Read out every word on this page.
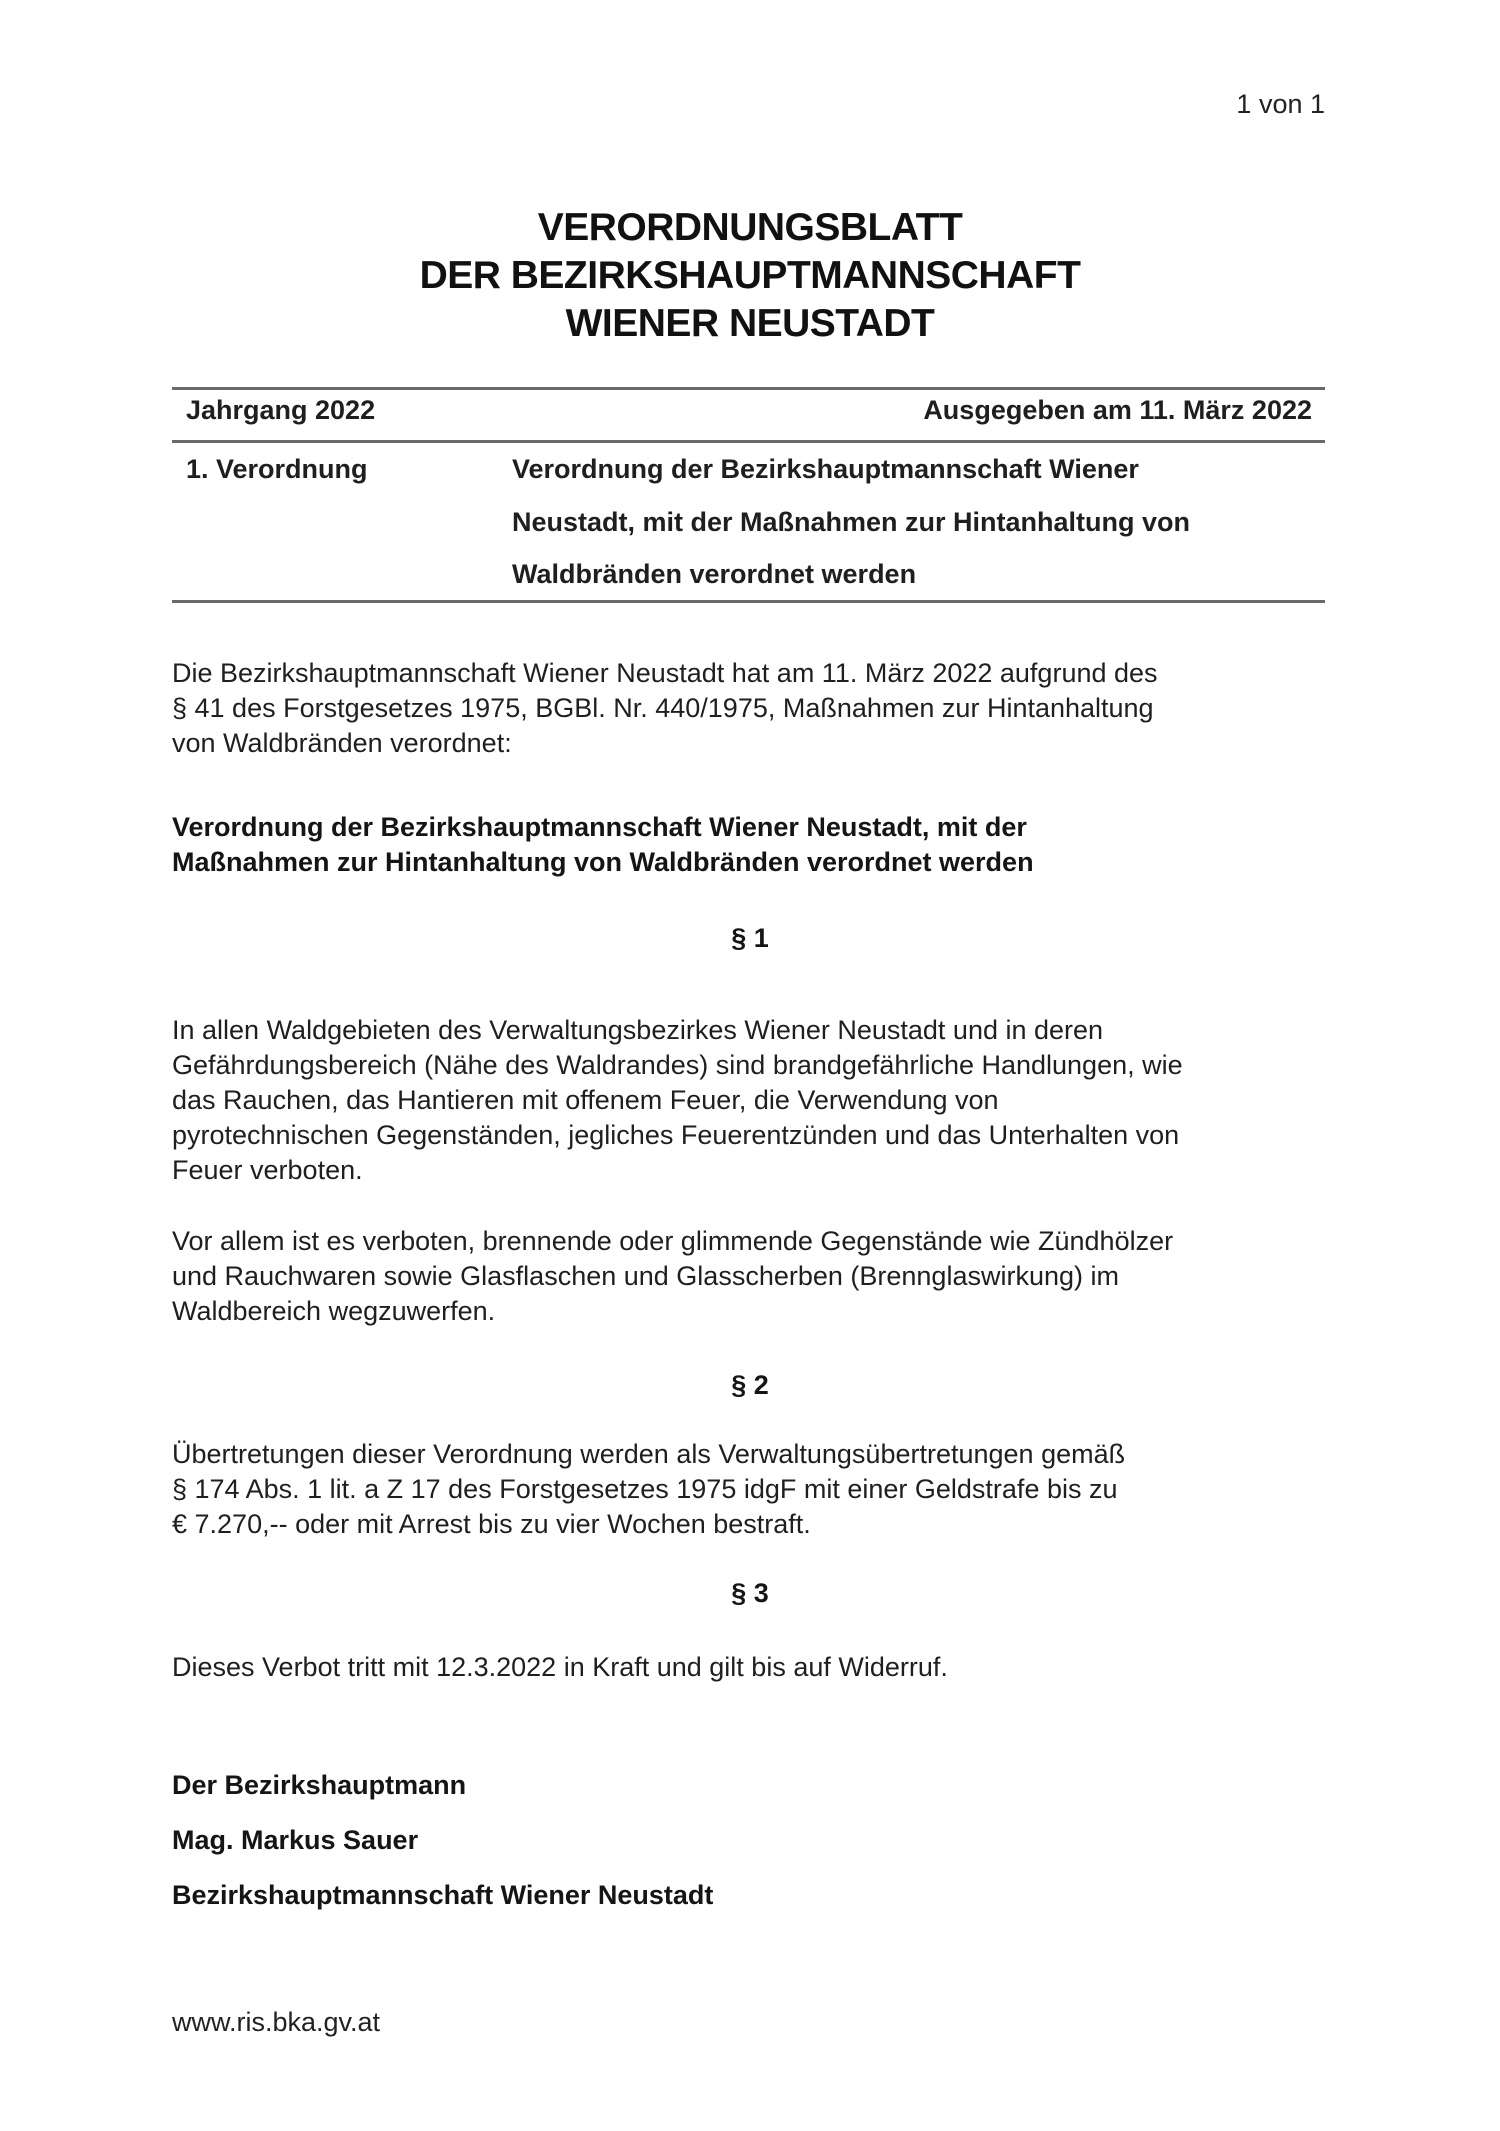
1 von 1
VERORDNUNGSBLATT
DER BEZIRKSHAUPTMANNSCHAFT
WIENER NEUSTADT
Jahrgang 2022	Ausgegeben am 11. März 2022
1. Verordnung	Verordnung der Bezirkshauptmannschaft Wiener
Neustadt, mit der Maßnahmen zur Hintanhaltung von
Waldbränden verordnet werden
Die Bezirkshauptmannschaft Wiener Neustadt hat am 11. März 2022 aufgrund des
§ 41 des Forstgesetzes 1975, BGBl. Nr. 440/1975, Maßnahmen zur Hintanhaltung
von Waldbränden verordnet:
Verordnung der Bezirkshauptmannschaft Wiener Neustadt, mit der
Maßnahmen zur Hintanhaltung von Waldbränden verordnet werden
§ 1
In allen Waldgebieten des Verwaltungsbezirkes Wiener Neustadt und in deren
Gefährdungsbereich (Nähe des Waldrandes) sind brandgefährliche Handlungen, wie
das Rauchen, das Hantieren mit offenem Feuer, die Verwendung von
pyrotechnischen Gegenständen, jegliches Feuerentzünden und das Unterhalten von
Feuer verboten.
Vor allem ist es verboten, brennende oder glimmende Gegenstände wie Zündhölzer
und Rauchwaren sowie Glasflaschen und Glasscherben (Brennglaswirkung) im
Waldbereich wegzuwerfen.
§ 2
Übertretungen dieser Verordnung werden als Verwaltungsübertretungen gemäß
§ 174 Abs. 1 lit. a Z 17 des Forstgesetzes 1975 idgF mit einer Geldstrafe bis zu
€ 7.270,-- oder mit Arrest bis zu vier Wochen bestraft.
§ 3
Dieses Verbot tritt mit 12.3.2022 in Kraft und gilt bis auf Widerruf.
Der Bezirkshauptmann
Mag. Markus Sauer
Bezirkshauptmannschaft Wiener Neustadt
www.ris.bka.gv.at
